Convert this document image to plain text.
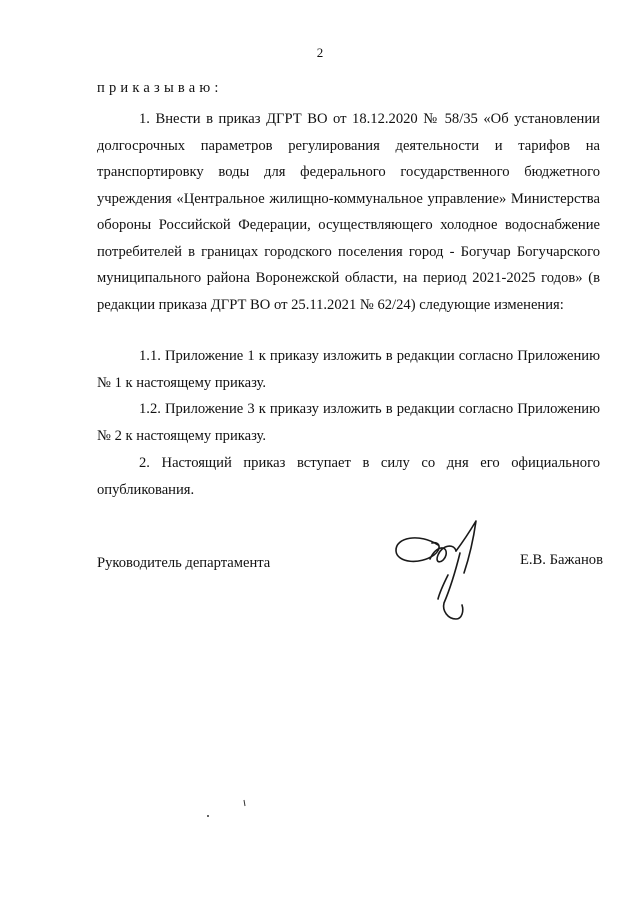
2
приказываю:

1. Внести в приказ ДГРТ ВО от 18.12.2020 № 58/35 «Об установлении долгосрочных параметров регулирования деятельности и тарифов на транспортировку воды для федерального государственного бюджетного учреждения «Центральное жилищно-коммунальное управление» Министерства обороны Российской Федерации, осуществляющего холодное водоснабжение потребителей в границах городского поселения город - Богучар Богучарского муниципального района Воронежской области, на период 2021-2025 годов» (в редакции приказа ДГРТ ВО от 25.11.2021 № 62/24) следующие изменения:

1.1. Приложение 1 к приказу изложить в редакции согласно Приложению № 1 к настоящему приказу.

1.2. Приложение 3 к приказу изложить в редакции согласно Приложению № 2 к настоящему приказу.

2. Настоящий приказ вступает в силу со дня его официального опубликования.

Руководитель департамента	Е.В. Бажанов
